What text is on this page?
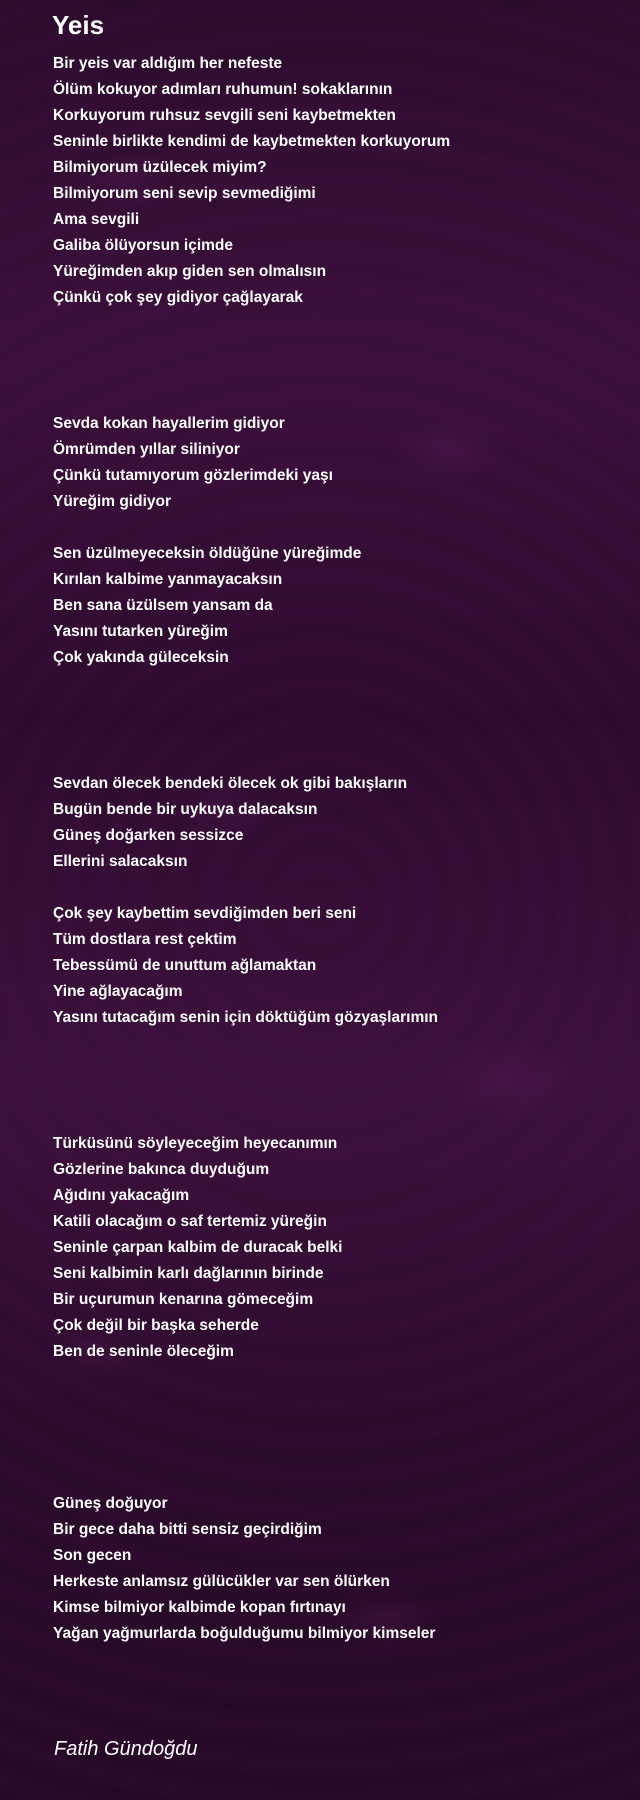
Yeis
Bir yeis var aldığım her nefeste
Ölüm kokuyor adımları ruhumun! sokaklarının
Korkuyorum ruhsuz sevgili seni kaybetmekten
Seninle birlikte kendimi de kaybetmekten korkuyorum
Bilmiyorum üzülecek miyim?
Bilmiyorum seni sevip sevmediğimi
Ama sevgili
Galiba ölüyorsun içimde
Yüreğimden akıp giden sen olmalısın
Çünkü çok şey gidiyor çağlayarak
Sevda kokan hayallerim gidiyor
Ömrümden yıllar siliniyor
Çünkü tutamıyorum gözlerimdeki yaşı
Yüreğim gidiyor
Sen üzülmeyeceksin öldüğüne yüreğimde
Kırılan kalbime yanmayacaksın
Ben sana üzülsem yansam da
Yasını tutarken yüreğim
Çok yakında güleceksin
Sevdan ölecek bendeki ölecek ok gibi bakışların
Bugün bende bir uykuya dalacaksın
Güneş doğarken sessizce
Ellerini salacaksın
Çok şey kaybettim sevdiğimden beri seni
Tüm dostlara rest çektim
Tebessümü de unuttum ağlamaktan
Yine ağlayacağım
Yasını tutacağım senin için döktüğüm gözyaşlarımın
Türküsünü söyleyeceğim heyecanımın
Gözlerine bakınca duyduğum
Ağıdını yakacağım
Katili olacağım o saf tertemiz yüreğin
Seninle çarpan kalbim de duracak belki
Seni kalbimin karlı dağlarının birinde
Bir uçurumun kenarına gömeceğim
Çok değil bir başka seherde
Ben de seninle öleceğim
Güneş doğuyor
Bir gece daha bitti sensiz geçirdiğim
Son gecen
Herkeste anlamsız gülücükler var sen ölürken
Kimse bilmiyor kalbimde kopan fırtınayı
Yağan yağmurlarda boğulduğumu bilmiyor kimseler
Fatih Gündoğdu
